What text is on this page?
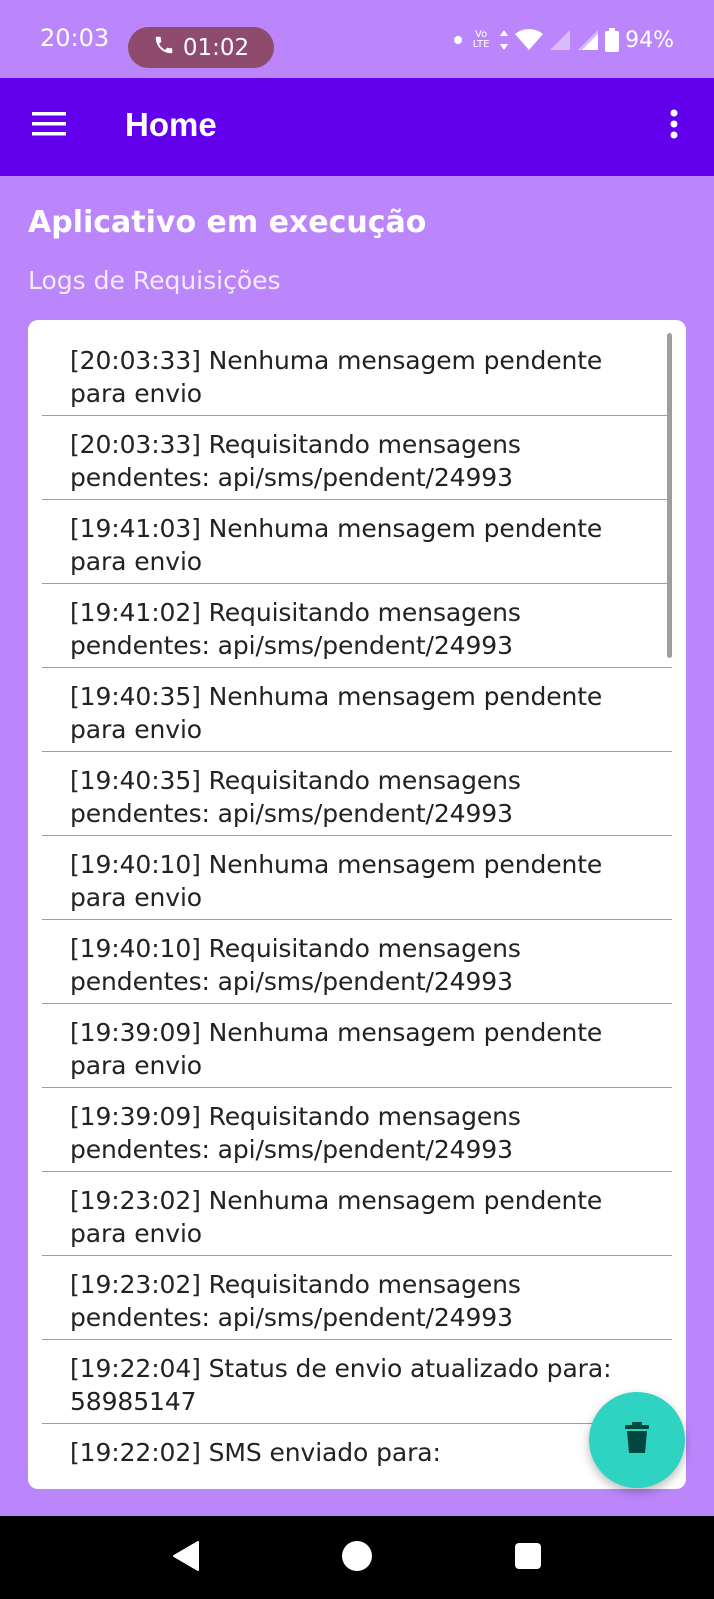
20:03	01:02	Vo
LTE	94%
Home
Aplicativo em execução
Logs de Requisições
[20:03:33] Nenhuma mensagem pendente para envio
[20:03:33] Requisitando mensagens pendentes: api/sms/pendent/24993
[19:41:03] Nenhuma mensagem pendente para envio
[19:41:02] Requisitando mensagens pendentes: api/sms/pendent/24993
[19:40:35] Nenhuma mensagem pendente para envio
[19:40:35] Requisitando mensagens pendentes: api/sms/pendent/24993
[19:40:10] Nenhuma mensagem pendente para envio
[19:40:10] Requisitando mensagens pendentes: api/sms/pendent/24993
[19:39:09] Nenhuma mensagem pendente para envio
[19:39:09] Requisitando mensagens pendentes: api/sms/pendent/24993
[19:23:02] Nenhuma mensagem pendente para envio
[19:23:02] Requisitando mensagens pendentes: api/sms/pendent/24993
[19:22:04] Status de envio atualizado para: 58985147
[19:22:02] SMS enviado para:
